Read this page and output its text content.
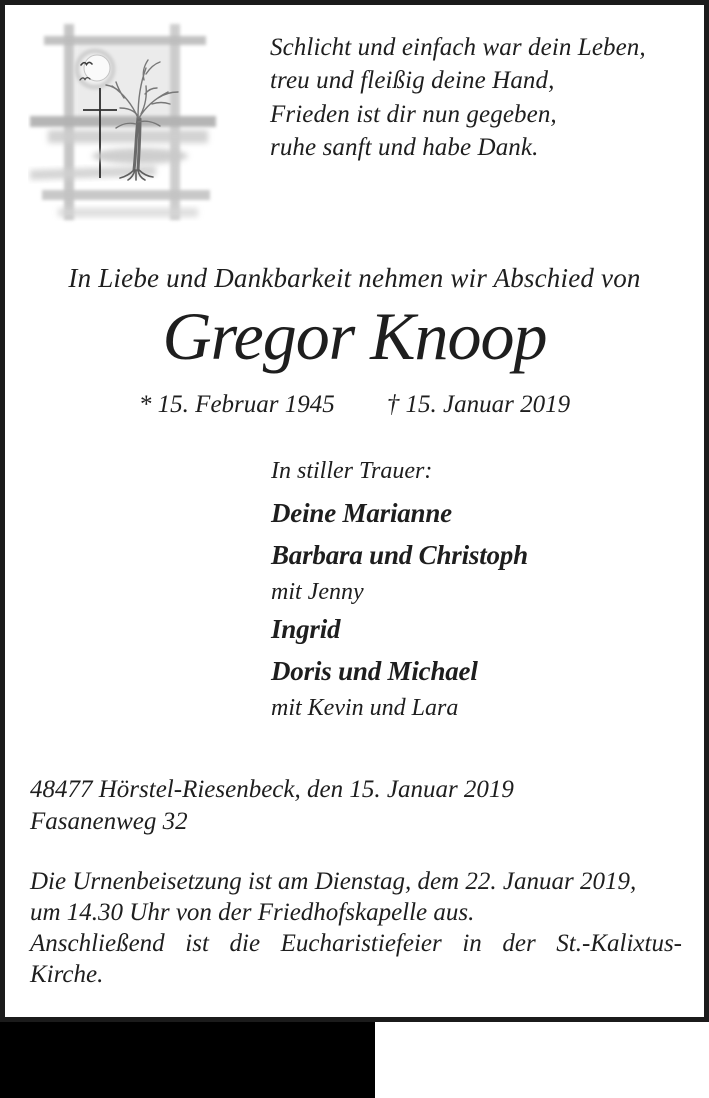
Schlicht und einfach war dein Leben,
treu und fleißig deine Hand,
Frieden ist dir nun gegeben,
ruhe sanft und habe Dank.
In Liebe und Dankbarkeit nehmen wir Abschied von
Gregor Knoop
* 15. Februar 1945 † 15. Januar 2019
In stiller Trauer:
Deine Marianne
Barbara und Christoph
mit Jenny
Ingrid
Doris und Michael
mit Kevin und Lara
48477 Hörstel-Riesenbeck, den 15. Januar 2019
Fasanenweg 32
Die Urnenbeisetzung ist am Dienstag, dem 22. Januar 2019,
um 14.30 Uhr von der Friedhofskapelle aus.
Anschließend ist die Eucharistiefeier in der St.-Kalixtus-
Kirche.
